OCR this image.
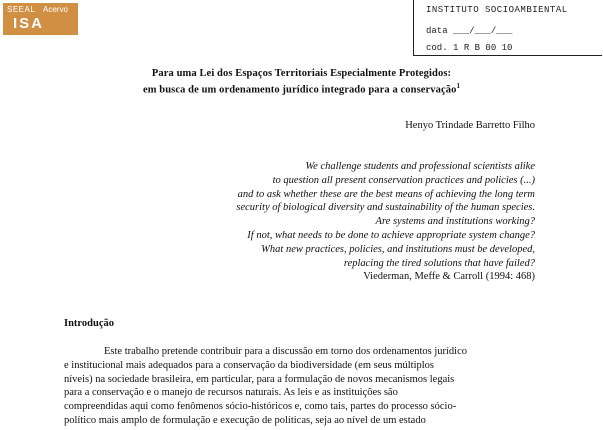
SEEAL Acervo
ISA
INSTITUTO SOCIOAMBIENTAL
data ___/___/___
cod. 1 R B 00 10
Para uma Lei dos Espaços Territoriais Especialmente Protegidos:
em busca de um ordenamento jurídico integrado para a conservação$^1$
Henyo Trindade Barretto Filho
We challenge students and professional scientists alike
to question all present conservation practices and policies (...)
and to ask whether these are the best means of achieving the long term
security of biological diversity and sustainability of the human species.
Are systems and institutions working?
If not, what needs to be done to achieve appropriate system change?
What new practices, policies, and institutions must be developed,
replacing the tired solutions that have failed?
Viederman, Meffe & Carroll (1994: 468)
Introdução
Este trabalho pretende contribuir para a discussão em torno dos ordenamentos jurídico
e institucional mais adequados para a conservação da biodiversidade (em seus múltiplos
níveis) na sociedade brasileira, em particular, para a formulação de novos mecanismos legais
para a conservação e o manejo de recursos naturais. As leis e as instituições são
compreendidas aqui como fenômenos sócio-históricos e, como tais, partes do processo sócio-
político mais amplo de formulação e execução de políticas, seja ao nível de um estado
